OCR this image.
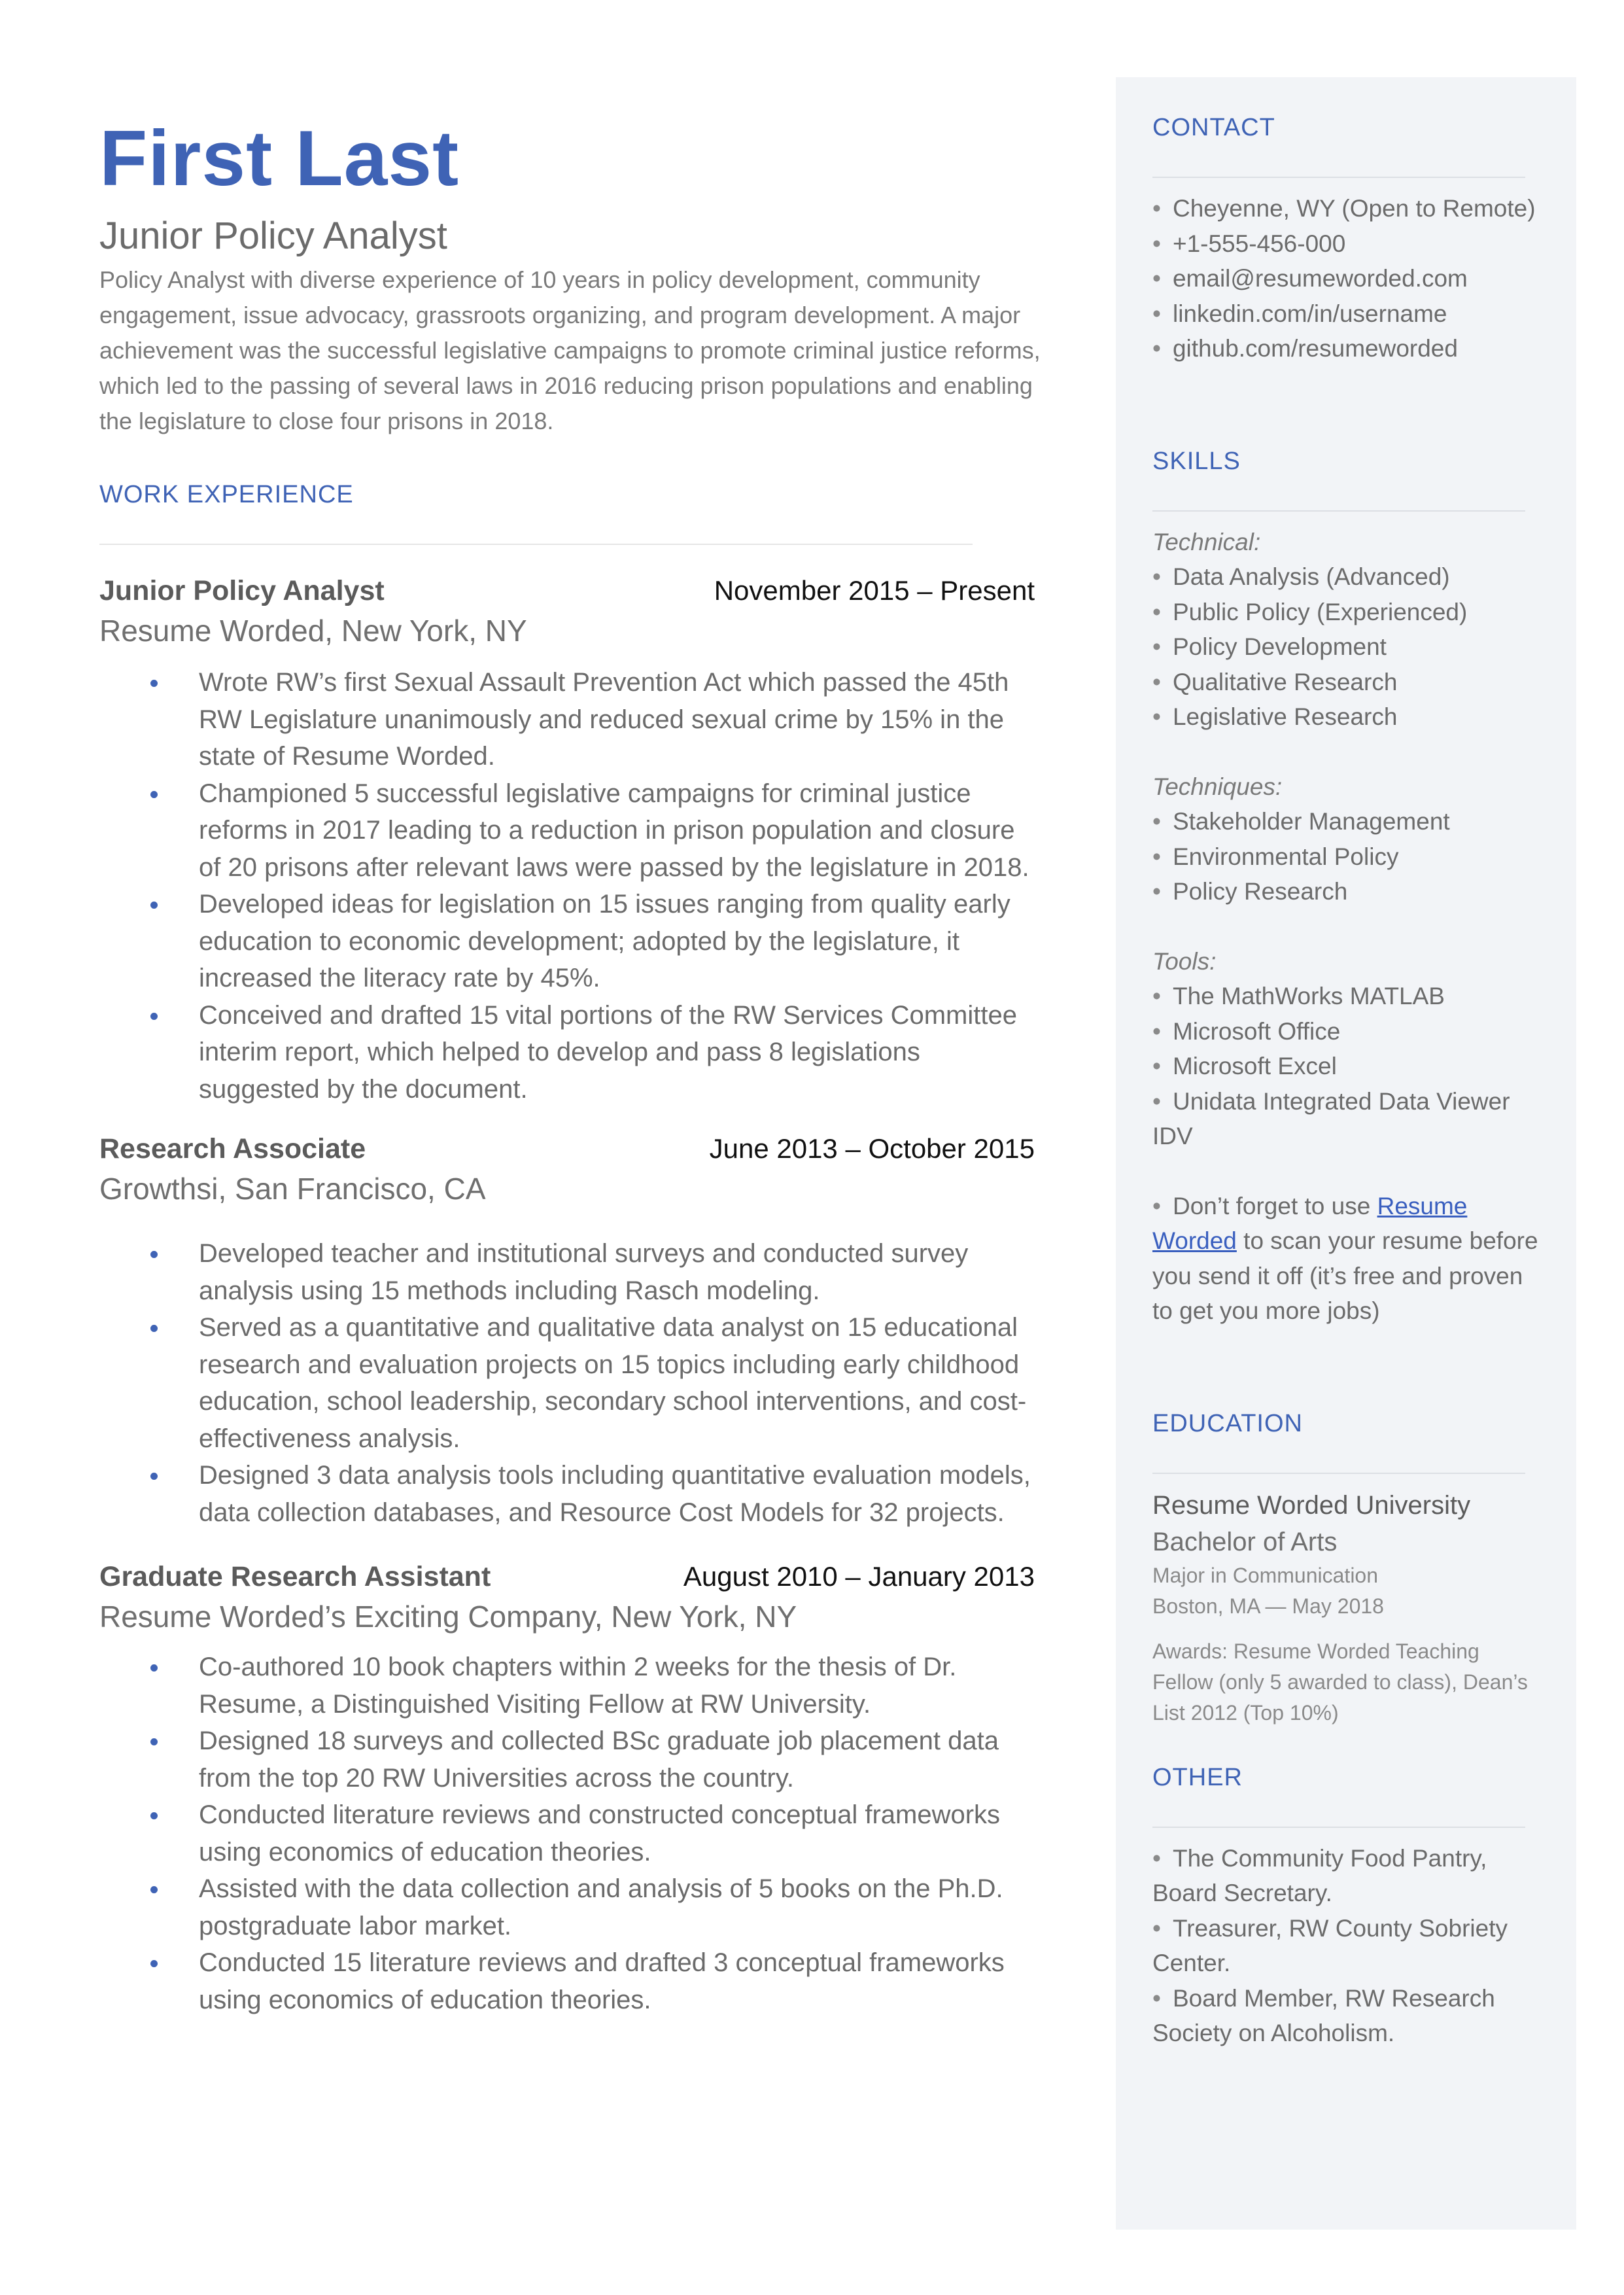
First Last
Junior Policy Analyst
Policy Analyst with diverse experience of 10 years in policy development, community engagement, issue advocacy, grassroots organizing, and program development. A major achievement was the successful legislative campaigns to promote criminal justice reforms, which led to the passing of several laws in 2016 reducing prison populations and enabling the legislature to close four prisons in 2018.
WORK EXPERIENCE
Junior Policy Analyst	November 2015 – Present
Resume Worded, New York, NY
Wrote RW’s first Sexual Assault Prevention Act which passed the 45th RW Legislature unanimously and reduced sexual crime by 15% in the state of Resume Worded.
Championed 5 successful legislative campaigns for criminal justice reforms in 2017 leading to a reduction in prison population and closure of 20 prisons after relevant laws were passed by the legislature in 2018.
Developed ideas for legislation on 15 issues ranging from quality early education to economic development; adopted by the legislature, it increased the literacy rate by 45%.
Conceived and drafted 15 vital portions of the RW Services Committee interim report, which helped to develop and pass 8 legislations suggested by the document.
Research Associate	June 2013 – October 2015
Growthsi, San Francisco, CA
Developed teacher and institutional surveys and conducted survey analysis using 15 methods including Rasch modeling.
Served as a quantitative and qualitative data analyst on 15 educational research and evaluation projects on 15 topics including early childhood education, school leadership, secondary school interventions, and cost-effectiveness analysis.
Designed 3 data analysis tools including quantitative evaluation models, data collection databases, and Resource Cost Models for 32 projects.
Graduate Research Assistant	August 2010 – January 2013
Resume Worded’s Exciting Company, New York, NY
Co-authored 10 book chapters within 2 weeks for the thesis of Dr. Resume, a Distinguished Visiting Fellow at RW University.
Designed 18 surveys and collected BSc graduate job placement data from the top 20 RW Universities across the country.
Conducted literature reviews and constructed conceptual frameworks using economics of education theories.
Assisted with the data collection and analysis of 5 books on the Ph.D. postgraduate labor market.
Conducted 15 literature reviews and drafted 3 conceptual frameworks using economics of education theories.
CONTACT
• Cheyenne, WY (Open to Remote)
• +1-555-456-000
• email@resumeworded.com
• linkedin.com/in/username
• github.com/resumeworded
SKILLS
Technical:
• Data Analysis (Advanced)
• Public Policy (Experienced)
• Policy Development
• Qualitative Research
• Legislative Research
Techniques:
• Stakeholder Management
• Environmental Policy
• Policy Research
Tools:
• The MathWorks MATLAB
• Microsoft Office
• Microsoft Excel
• Unidata Integrated Data Viewer IDV
• Don’t forget to use Resume Worded to scan your resume before you send it off (it’s free and proven to get you more jobs)
EDUCATION
Resume Worded University
Bachelor of Arts
Major in Communication
Boston, MA — May 2018
Awards: Resume Worded Teaching Fellow (only 5 awarded to class), Dean’s List 2012 (Top 10%)
OTHER
• The Community Food Pantry, Board Secretary.
• Treasurer, RW County Sobriety Center.
• Board Member, RW Research Society on Alcoholism.
